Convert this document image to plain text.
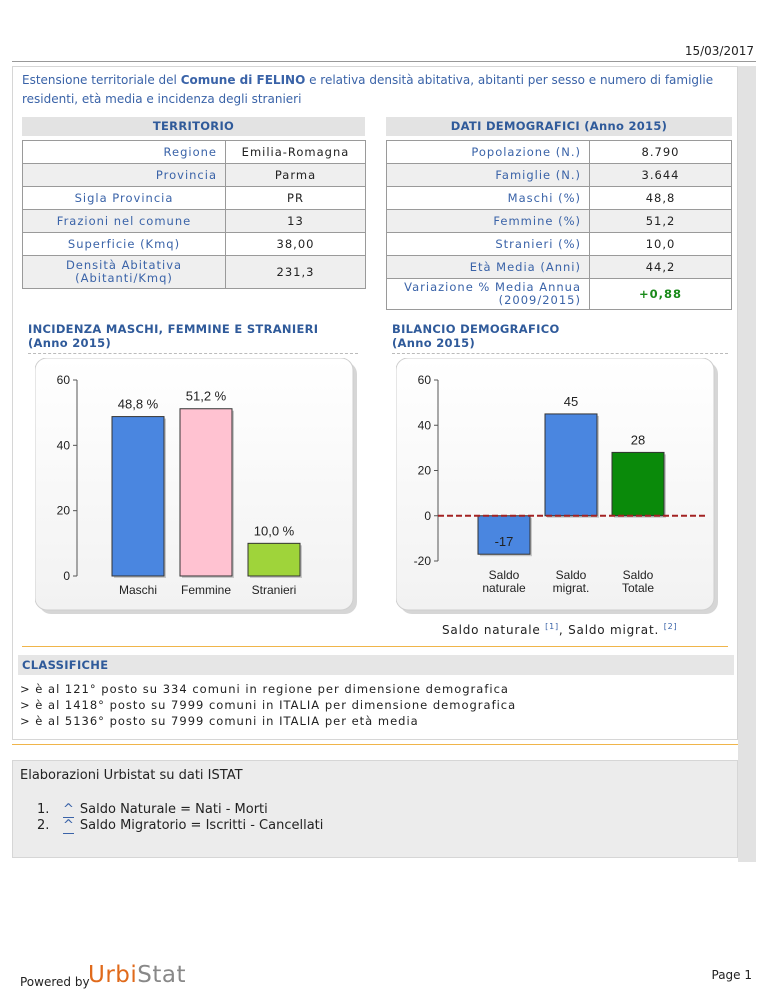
15/03/2017
Estensione territoriale del Comune di FELINO e relativa densità abitativa, abitanti per sesso e numero di famiglie residenti, età media e incidenza degli stranieri
TERRITORIO	DATI DEMOGRAFICI (Anno 2015)
Regione	Emilia-Romagna
Provincia	Parma
Sigla Provincia	PR
Frazioni nel comune	13
Superficie (Kmq)	38,00
Densità Abitativa (Abitanti/Kmq)	231,3
Popolazione (N.)	8.790
Famiglie (N.)	3.644
Maschi (%)	48,8
Femmine (%)	51,2
Stranieri (%)	10,0
Età Media (Anni)	44,2
Variazione % Media Annua (2009/2015)	+0,88
INCIDENZA MASCHI, FEMMINE E STRANIERI
(Anno 2015)
BILANCIO DEMOGRAFICO
(Anno 2015)
0
20
40
60
48,8 %
Maschi
51,2 %
Femmine
10,0 %
Stranieri
-20
0
20
40
60
-17
Saldo
naturale
45
Saldo
migrat.
28
Saldo
Totale
Saldo naturale [1], Saldo migrat. [2]
CLASSIFICHE
> è al 121° posto su 334 comuni in regione per dimensione demografica
> è al 1418° posto su 7999 comuni in ITALIA per dimensione demografica
> è al 5136° posto su 7999 comuni in ITALIA per età media
Elaborazioni Urbistat su dati ISTAT
1. ^ Saldo Naturale = Nati - Morti
2. ^ Saldo Migratorio = Iscritti - Cancellati
Powered by
UrbiStat	Page 1
